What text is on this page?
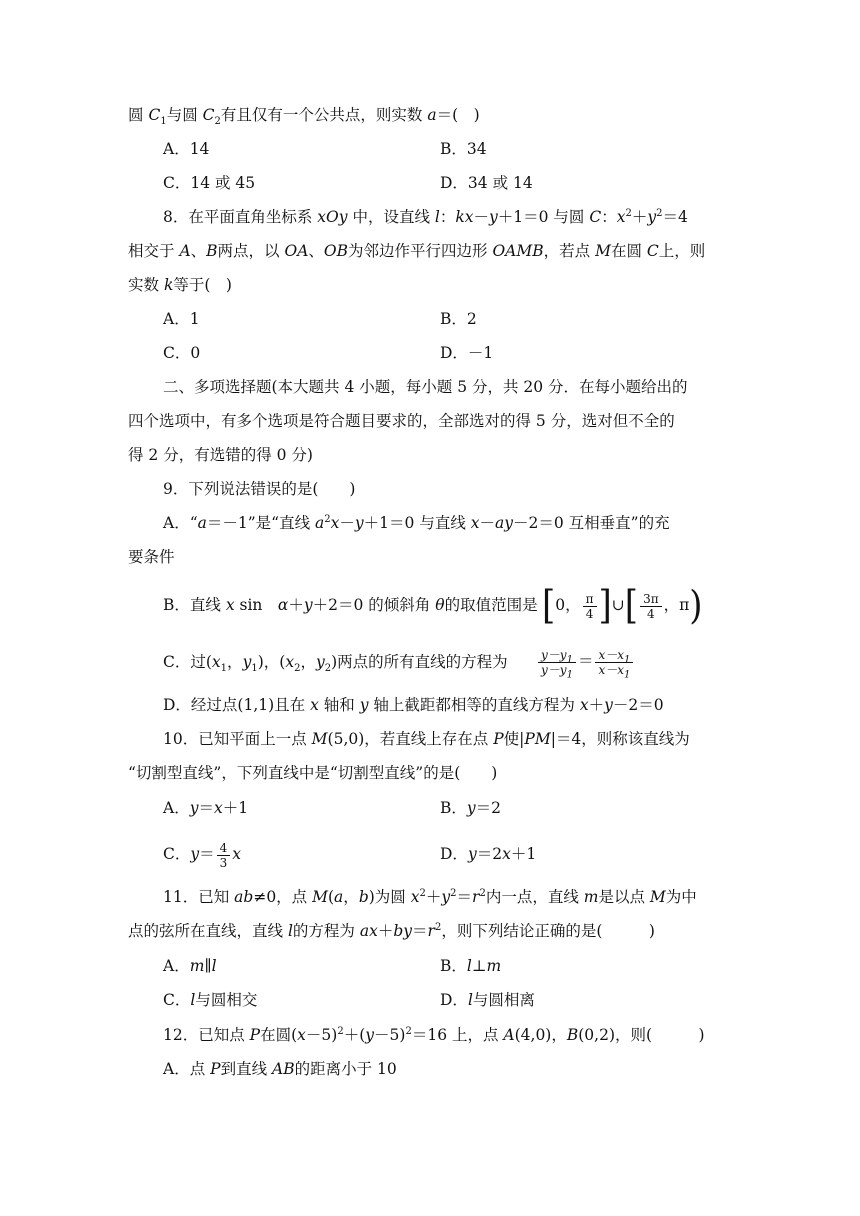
圆 $C_1$与圆 $C_2$有且仅有一个公共点，则实数 a＝(　)
A．14	B．34
C．14 或 45	D．34 或 14
8．在平面直角坐标系 xOy 中，设直线 l：kx－y＋1＝0 与圆 C：$x^2+y^2=4$
相交于 A、B两点，以 OA、OB为邻边作平行四边形 OAMB，若点 M在圆 C上，则
实数 k等于(　)
A．1	B．2
C．0	D．－1
二、多项选择题(本大题共 4 小题，每小题 5 分，共 20 分．在每小题给出的
四个选项中，有多个选项是符合题目要求的，全部选对的得 5 分，选对但不全的
得 2 分，有选错的得 0 分)
9．下列说法错误的是(　　)
A．“a＝－1”是“直线 $a^2x-y+1=0$ 与直线 x－ay－2＝0 互相垂直”的充
要条件
B．直线 x sin　α＋y＋2＝0 的倾斜角 θ的取值范围是 [0， $\frac{\pi}{4}$ ]∪[ $\frac{3\pi}{4}$ ，π)
C．过($x_1$，$y_1$)，($x_2$，$y_2$)两点的所有直线的方程为	$\frac{y-y_1}{y-y_1} = \frac{x-x_1}{x-x_1}$
D．经过点(1,1)且在 x 轴和 y 轴上截距都相等的直线方程为 x＋y－2＝0
10．已知平面上一点 M(5,0)，若直线上存在点 P使|PM|＝4，则称该直线为
“切割型直线”，下列直线中是“切割型直线”的是(　　)
A．y＝x＋1	B．y＝2
C．$y= \frac{4}{3}$ x	D．y＝2x＋1
11．已知 ab≠0，点 M(a，b)为圆 $x^2+y^2=r^2$内一点，直线 m是以点 M为中
点的弦所在直线，直线 l的方程为 $ax+by=r^2$，则下列结论正确的是(　　　)
A．m∥l	B．l⊥m
C．l与圆相交	D．l与圆相离
12．已知点 P在圆$(x-5)^2+(y-5)^2=16$ 上，点 A(4,0)，B(0,2)，则(　　　)
A．点 P到直线 AB的距离小于 10
